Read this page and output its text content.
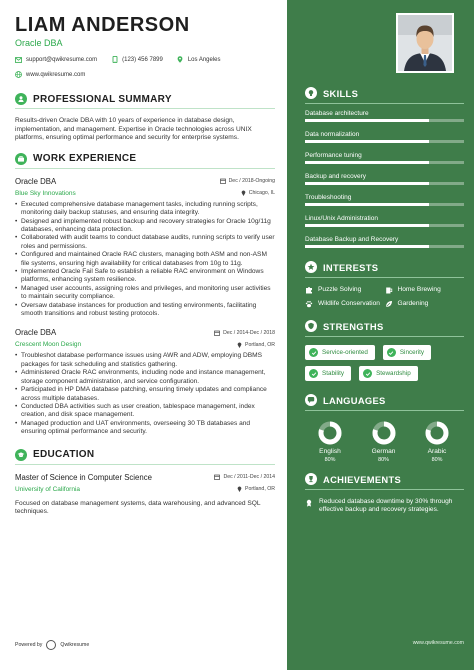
LIAM ANDERSON
Oracle DBA
support@qwikresume.com	(123) 456 7899	Los Angeles
www.qwikresume.com
PROFESSIONAL SUMMARY
Results-driven Oracle DBA with 10 years of experience in database design, implementation, and management. Expertise in Oracle technologies across UNIX platforms, ensuring optimal performance and security for enterprise systems.
WORK EXPERIENCE
Oracle DBA	Dec / 2018-Ongoing
Blue Sky Innovations	Chicago, IL
• Executed comprehensive database management tasks, including running scripts, monitoring daily backup statuses, and ensuring data integrity.
• Designed and implemented robust backup and recovery strategies for Oracle 10g/11g databases, enhancing data protection.
• Collaborated with audit teams to conduct database audits, running scripts to verify user roles and permissions.
• Configured and maintained Oracle RAC clusters, managing both ASM and non-ASM file systems, ensuring high availability for critical databases from 10g to 11g.
• Implemented Oracle Fail Safe to establish a reliable RAC environment on Windows platforms, enhancing system resilience.
• Managed user accounts, assigning roles and privileges, and monitoring user activities to maintain security compliance.
• Oversaw database instances for production and testing environments, facilitating smooth transitions and robust testing protocols.
Oracle DBA	Dec / 2014-Dec / 2018
Crescent Moon Design	Portland, OR
• Troubleshot database performance issues using AWR and ADW, employing DBMS packages for task scheduling and statistics gathering.
• Administered Oracle RAC environments, including node and instance management, storage component administration, and service configuration.
• Participated in HP DMA database patching, ensuring timely updates and compliance across multiple databases.
• Conducted DBA activities such as user creation, tablespace management, index creation, and disk space management.
• Managed production and UAT environments, overseeing 30 TB databases and ensuring optimal performance and security.
EDUCATION
Master of Science in Computer Science	Dec / 2011-Dec / 2014
University of California	Portland, OR
Focused on database management systems, data warehousing, and advanced SQL techniques.
Powered by	Qwikresume
SKILLS
Database architecture
Data normalization
Performance tuning
Backup and recovery
Troubleshooting
Linux/Unix Administration
Database Backup and Recovery
INTERESTS
Puzzle Solving	Home Brewing
Wildlife Conservation	Gardening
STRENGTHS
Service-oriented	Sincerity
Stability	Stewardship
LANGUAGES
English
80%
German
80%
Arabic
80%
ACHIEVEMENTS
Reduced database downtime by 30% through effective backup and recovery strategies.
www.qwikresume.com
